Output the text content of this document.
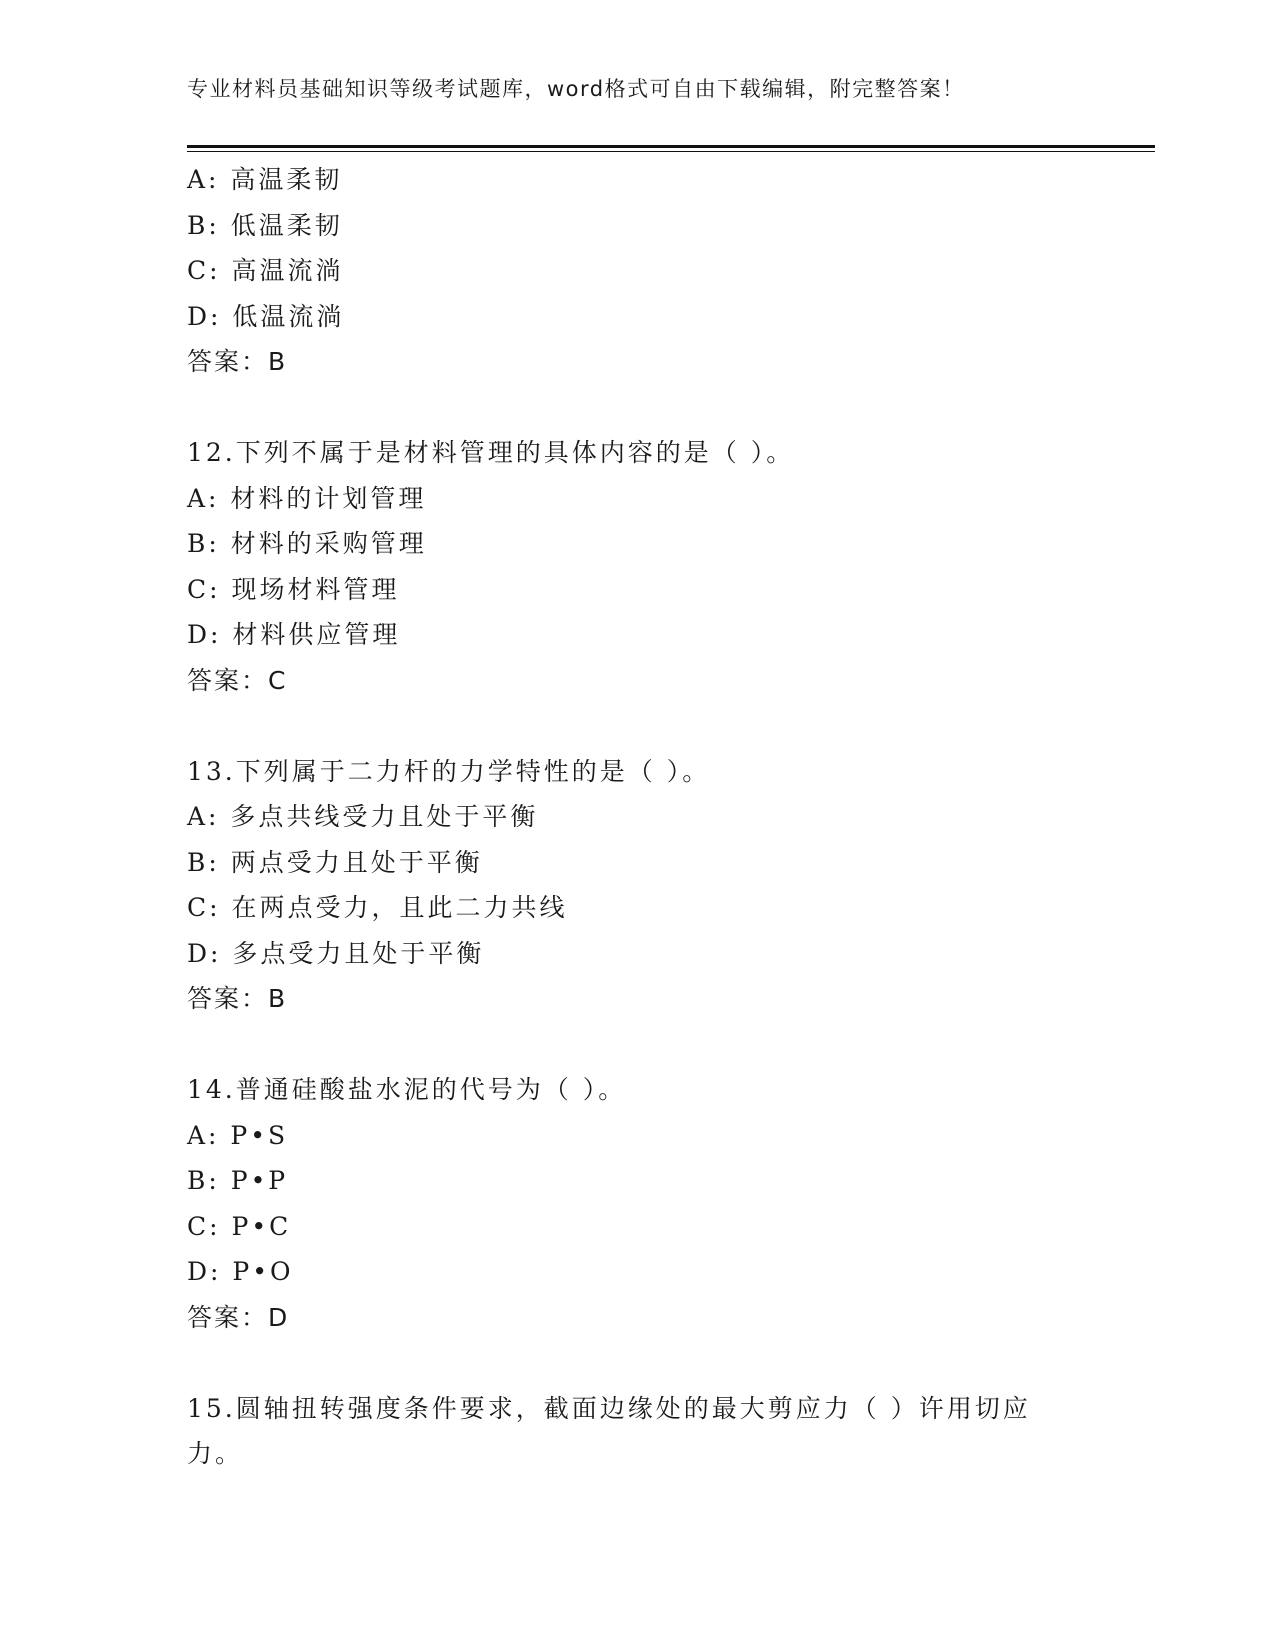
专业材料员基础知识等级考试题库，word格式可自由下载编辑，附完整答案！
A: 高温柔韧
B: 低温柔韧
C: 高温流淌
D: 低温流淌
答案：B
12.下列不属于是材料管理的具体内容的是（ ）。
A: 材料的计划管理
B: 材料的采购管理
C: 现场材料管理
D: 材料供应管理
答案：C
13.下列属于二力杆的力学特性的是（ ）。
A: 多点共线受力且处于平衡
B: 两点受力且处于平衡
C: 在两点受力，且此二力共线
D: 多点受力且处于平衡
答案：B
14.普通硅酸盐水泥的代号为（ ）。
A: P•S
B: P•P
C: P•C
D: P•O
答案：D
15.圆轴扭转强度条件要求，截面边缘处的最大剪应力（ ）许用切应
力。
